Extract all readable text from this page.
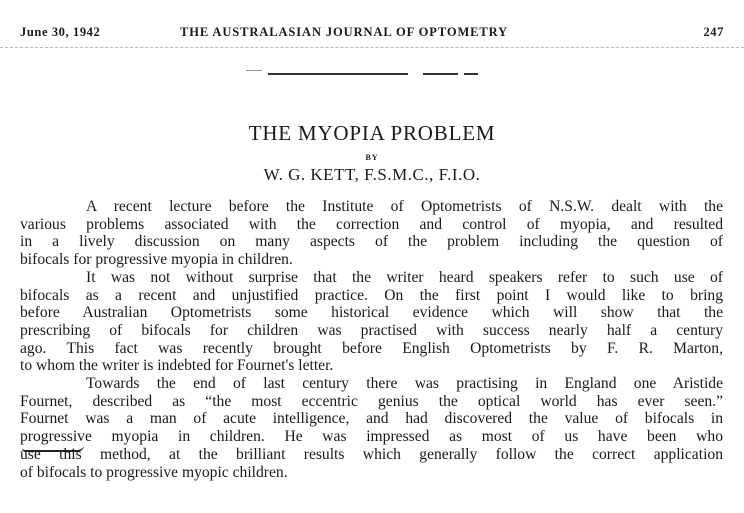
June 30, 1942	THE AUSTRALASIAN JOURNAL OF OPTOMETRY	247
THE MYOPIA PROBLEM
BY
W. G. KETT, F.S.M.C., F.I.O.
A recent lecture before the Institute of Optometrists of N.S.W. dealt with the
various problems associated with the correction and control of myopia, and resulted
in a lively discussion on many aspects of the problem including the question of
bifocals for progressive myopia in children.
It was not without surprise that the writer heard speakers refer to such use of
bifocals as a recent and unjustified practice. On the first point I would like to bring
before Australian Optometrists some historical evidence which will show that the
prescribing of bifocals for children was practised with success nearly half a century
ago. This fact was recently brought before English Optometrists by F. R. Marton,
to whom the writer is indebted for Fournet's letter.
Towards the end of last century there was practising in England one Aristide
Fournet, described as “the most eccentric genius the optical world has ever seen.”
Fournet was a man of acute intelligence, and had discovered the value of bifocals in
progressive myopia in children. He was impressed as most of us have been who
use this method, at the brilliant results which generally follow the correct application
of bifocals to progressive myopic children.
